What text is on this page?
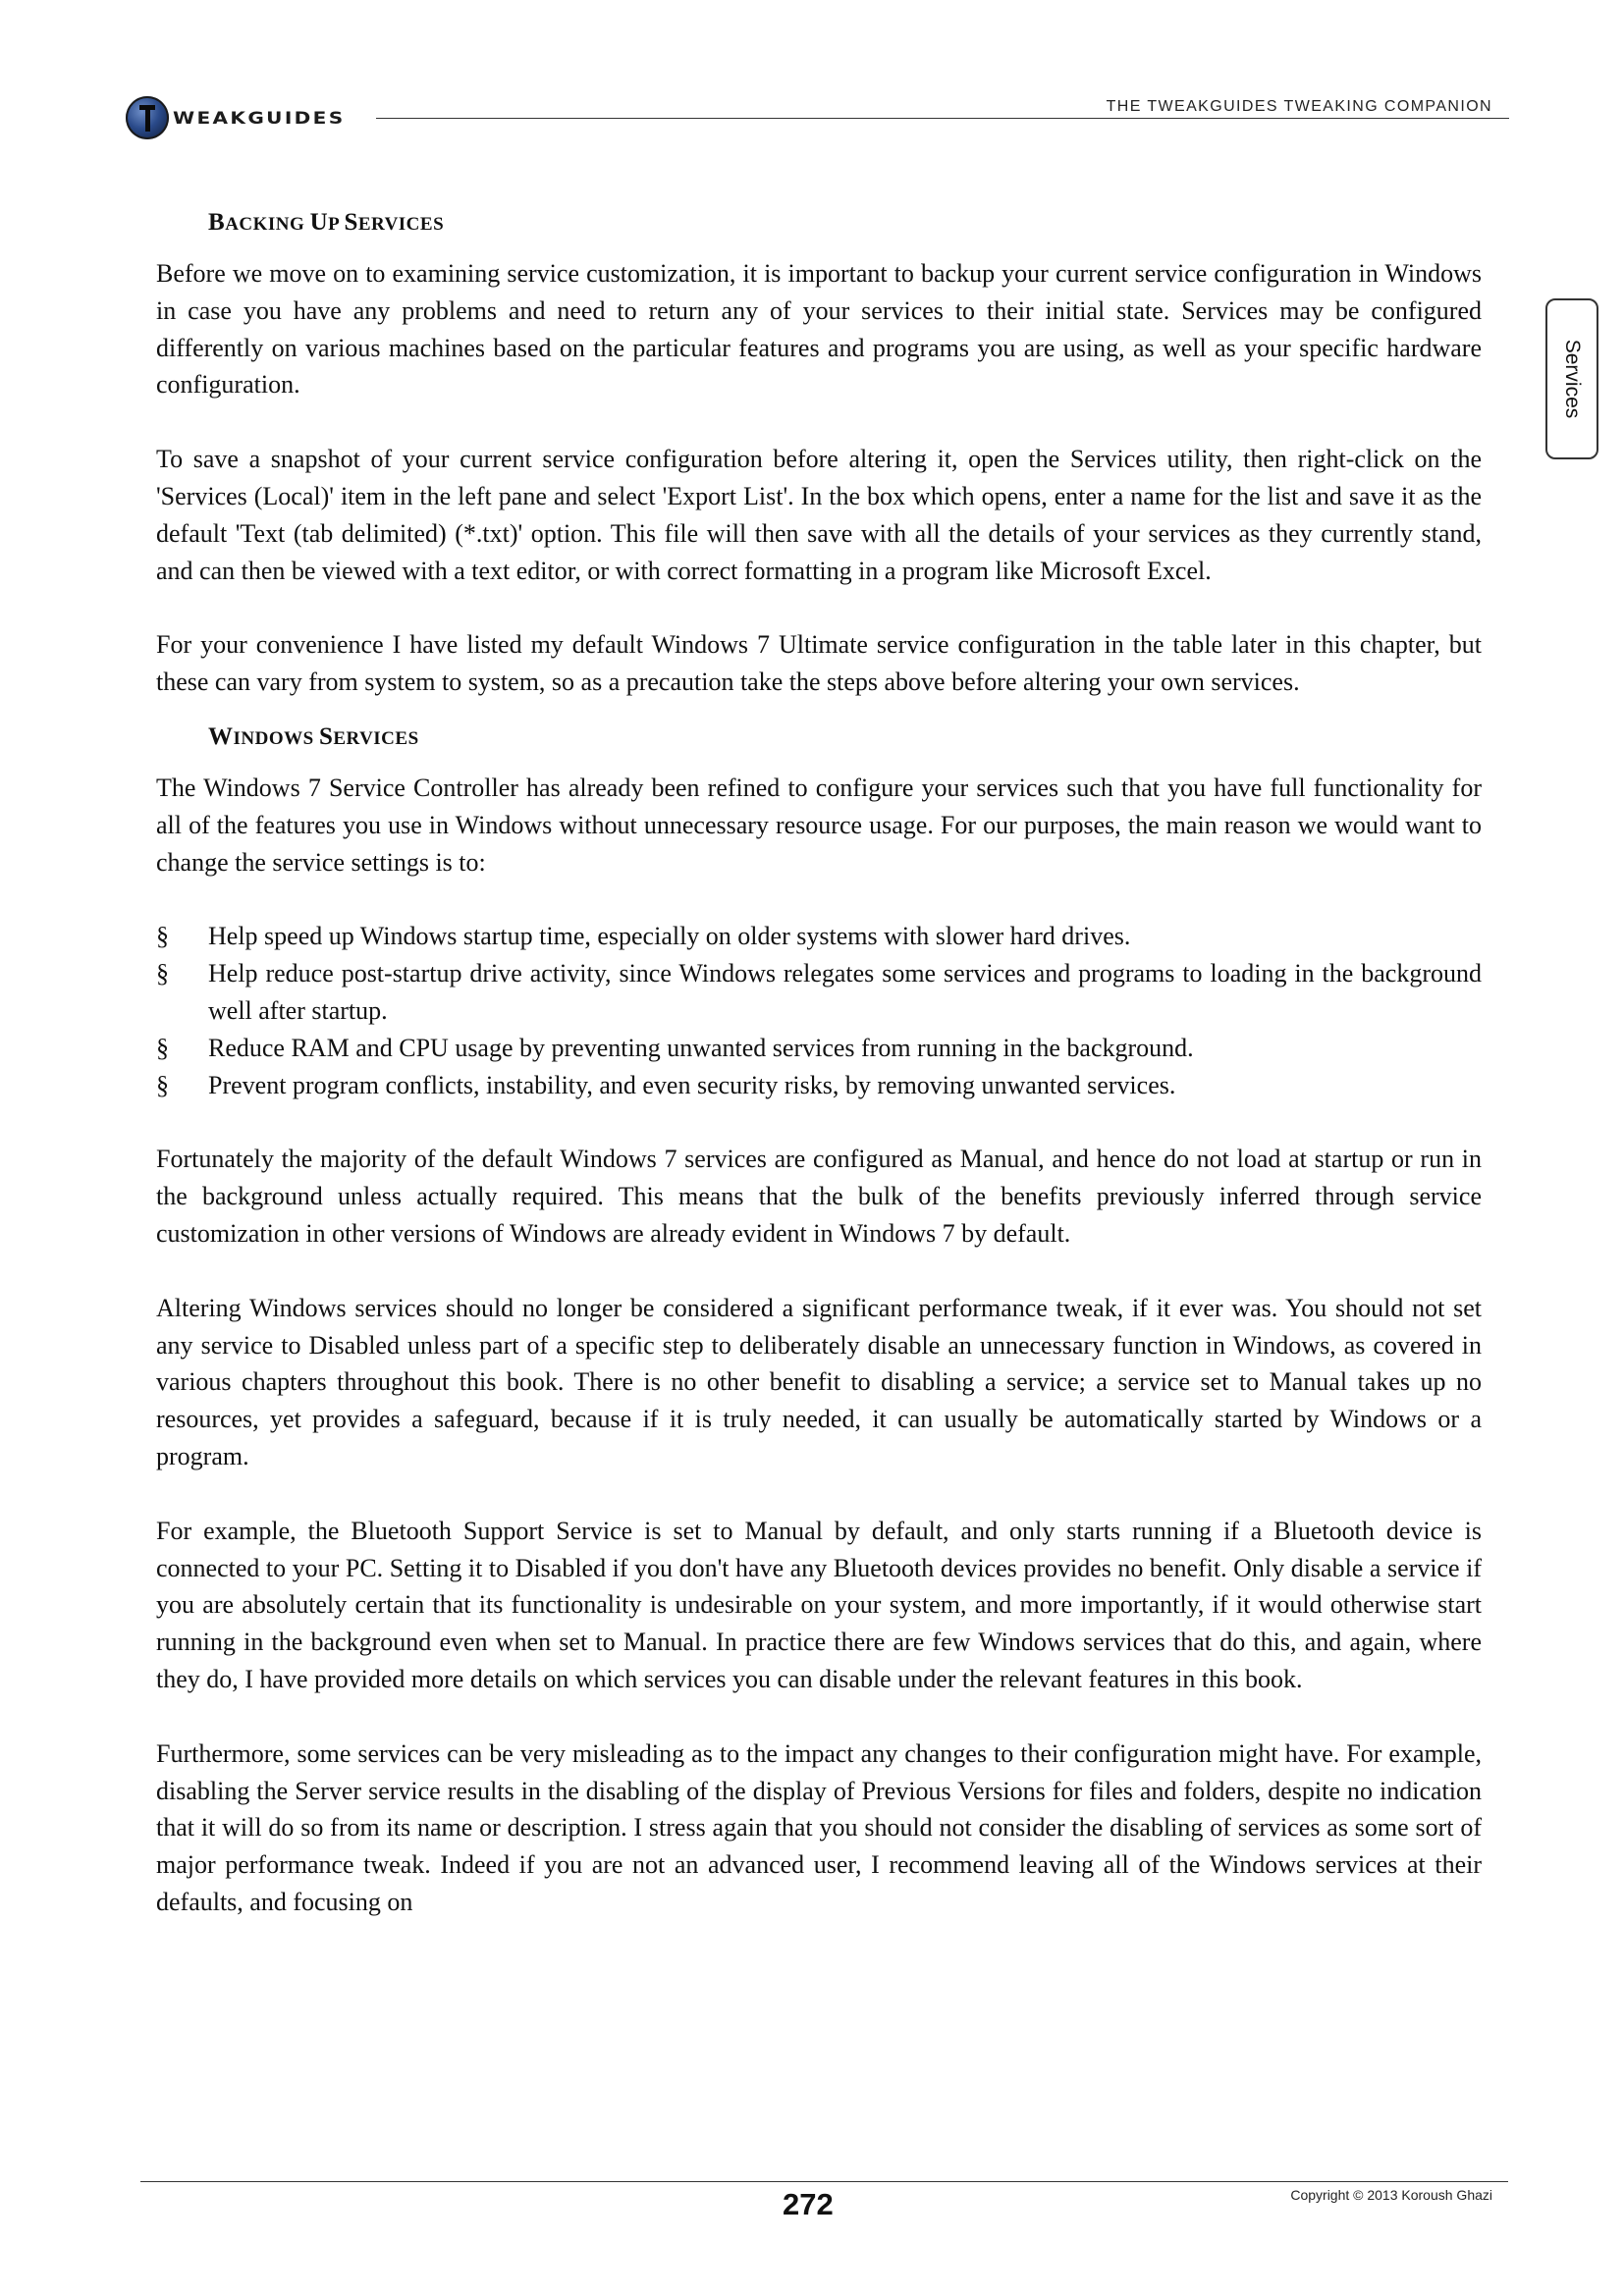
WEAKGUIDES
THE TWEAKGUIDES TWEAKING COMPANION
Services
BACKING UP SERVICES

Before we move on to examining service customization, it is important to backup your current service configuration in Windows in case you have any problems and need to return any of your services to their initial state. Services may be configured differently on various machines based on the particular features and programs you are using, as well as your specific hardware configuration.

To save a snapshot of your current service configuration before altering it, open the Services utility, then right-click on the 'Services (Local)' item in the left pane and select 'Export List'. In the box which opens, enter a name for the list and save it as the default 'Text (tab delimited) (*.txt)' option. This file will then save with all the details of your services as they currently stand, and can then be viewed with a text editor, or with correct formatting in a program like Microsoft Excel.

For your convenience I have listed my default Windows 7 Ultimate service configuration in the table later in this chapter, but these can vary from system to system, so as a precaution take the steps above before altering your own services.

WINDOWS SERVICES

The Windows 7 Service Controller has already been refined to configure your services such that you have full functionality for all of the features you use in Windows without unnecessary resource usage. For our purposes, the main reason we would want to change the service settings is to:

§ Help speed up Windows startup time, especially on older systems with slower hard drives.
§ Help reduce post-startup drive activity, since Windows relegates some services and programs to loading in the background well after startup.
§ Reduce RAM and CPU usage by preventing unwanted services from running in the background.
§ Prevent program conflicts, instability, and even security risks, by removing unwanted services.

Fortunately the majority of the default Windows 7 services are configured as Manual, and hence do not load at startup or run in the background unless actually required. This means that the bulk of the benefits previously inferred through service customization in other versions of Windows are already evident in Windows 7 by default.

Altering Windows services should no longer be considered a significant performance tweak, if it ever was. You should not set any service to Disabled unless part of a specific step to deliberately disable an unnecessary function in Windows, as covered in various chapters throughout this book. There is no other benefit to disabling a service; a service set to Manual takes up no resources, yet provides a safeguard, because if it is truly needed, it can usually be automatically started by Windows or a program.

For example, the Bluetooth Support Service is set to Manual by default, and only starts running if a Bluetooth device is connected to your PC. Setting it to Disabled if you don't have any Bluetooth devices provides no benefit. Only disable a service if you are absolutely certain that its functionality is undesirable on your system, and more importantly, if it would otherwise start running in the background even when set to Manual. In practice there are few Windows services that do this, and again, where they do, I have provided more details on which services you can disable under the relevant features in this book.

Furthermore, some services can be very misleading as to the impact any changes to their configuration might have. For example, disabling the Server service results in the disabling of the display of Previous Versions for files and folders, despite no indication that it will do so from its name or description. I stress again that you should not consider the disabling of services as some sort of major performance tweak. Indeed if you are not an advanced user, I recommend leaving all of the Windows services at their defaults, and focusing on

272	Copyright © 2013 Koroush Ghazi
